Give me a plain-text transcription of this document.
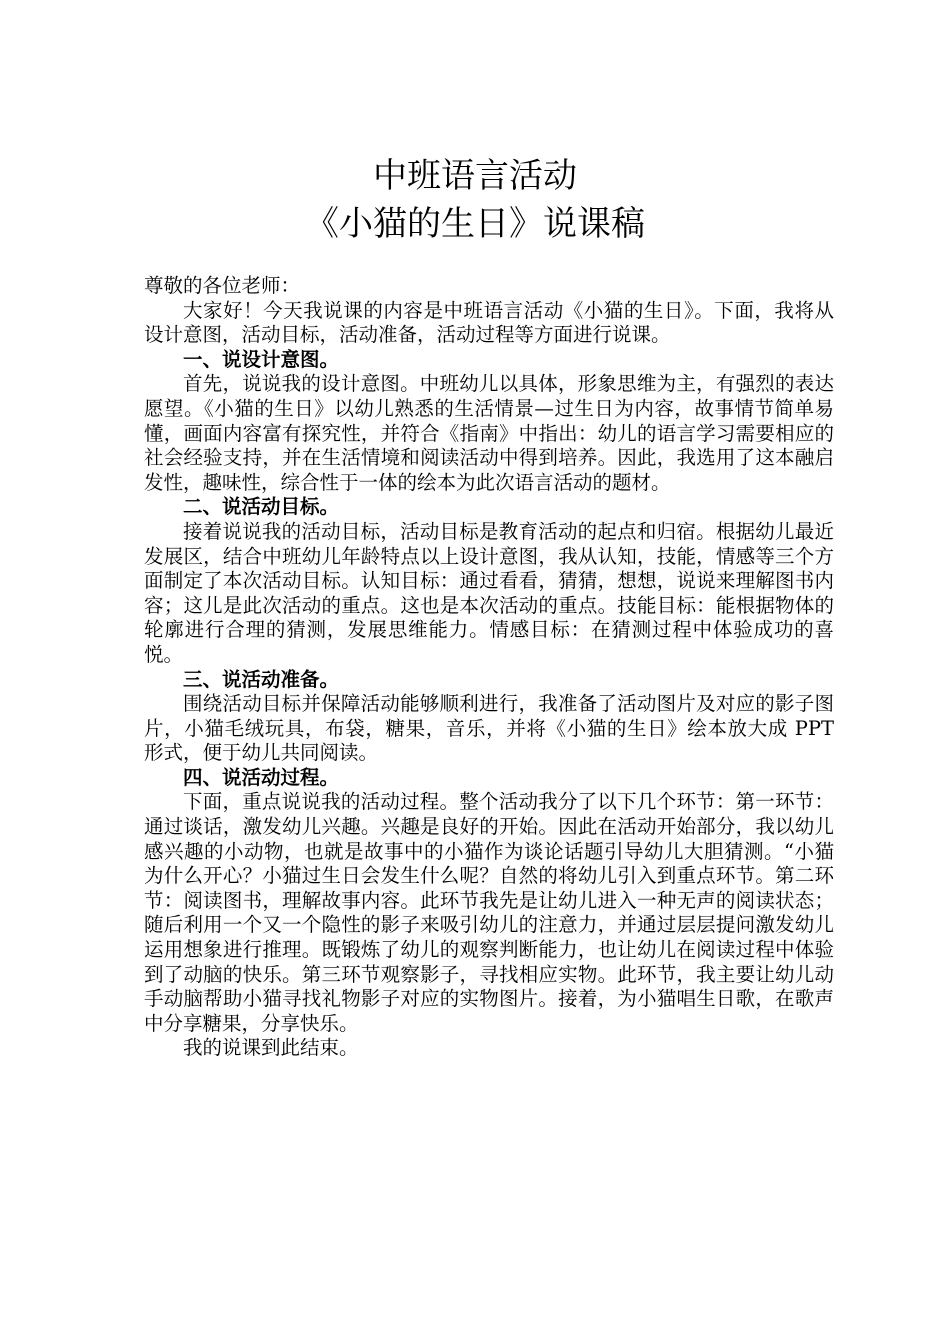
中班语言活动
《小猫的生日》说课稿

尊敬的各位老师：

大家好！今天我说课的内容是中班语言活动《小猫的生日》。下面，我将从设计意图，活动目标，活动准备，活动过程等方面进行说课。

一、说设计意图。

首先，说说我的设计意图。中班幼儿以具体，形象思维为主，有强烈的表达愿望。《小猫的生日》以幼儿熟悉的生活情景—过生日为内容，故事情节简单易懂，画面内容富有探究性，并符合《指南》中指出：幼儿的语言学习需要相应的社会经验支持，并在生活情境和阅读活动中得到培养。因此，我选用了这本融启发性，趣味性，综合性于一体的绘本为此次语言活动的题材。

二、说活动目标。

接着说说我的活动目标，活动目标是教育活动的起点和归宿。根据幼儿最近发展区，结合中班幼儿年龄特点以上设计意图，我从认知，技能，情感等三个方面制定了本次活动目标。认知目标：通过看看，猜猜，想想，说说来理解图书内容；这儿是此次活动的重点。这也是本次活动的重点。技能目标：能根据物体的轮廓进行合理的猜测，发展思维能力。情感目标：在猜测过程中体验成功的喜悦。

三、说活动准备。

围绕活动目标并保障活动能够顺利进行，我准备了活动图片及对应的影子图片，小猫毛绒玩具，布袋，糖果，音乐，并将《小猫的生日》绘本放大成 PPT 形式，便于幼儿共同阅读。

四、说活动过程。

下面，重点说说我的活动过程。整个活动我分了以下几个环节：第一环节：通过谈话，激发幼儿兴趣。兴趣是良好的开始。因此在活动开始部分，我以幼儿感兴趣的小动物，也就是故事中的小猫作为谈论话题引导幼儿大胆猜测。“小猫为什么开心？小猫过生日会发生什么呢？自然的将幼儿引入到重点环节。第二环节：阅读图书，理解故事内容。此环节我先是让幼儿进入一种无声的阅读状态；随后利用一个又一个隐性的影子来吸引幼儿的注意力，并通过层层提问激发幼儿运用想象进行推理。既锻炼了幼儿的观察判断能力，也让幼儿在阅读过程中体验到了动脑的快乐。第三环节观察影子，寻找相应实物。此环节，我主要让幼儿动手动脑帮助小猫寻找礼物影子对应的实物图片。接着，为小猫唱生日歌，在歌声中分享糖果，分享快乐。

我的说课到此结束。
